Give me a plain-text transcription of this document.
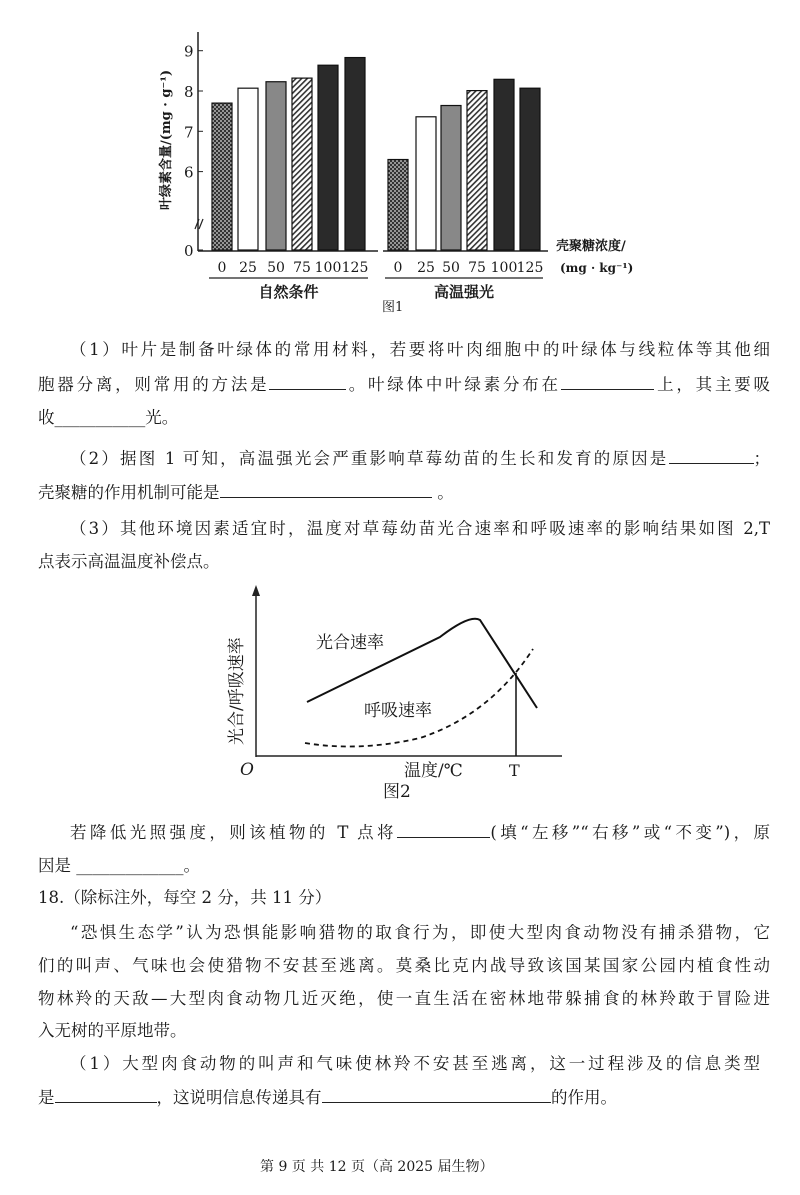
0
6
7
8
9
0 25 50 75 100 125
自然条件
0 25 50 75 100 125
高温强光
叶绿素含量/(mg · g⁻¹)
壳聚糖浓度/
(mg · kg⁻¹)
图1
光合速率
呼吸速率
光合/呼吸速率
O	温度/℃	T
图2
（1）叶片是制备叶绿体的常用材料，若要将叶肉细胞中的叶绿体与线粒体等其他细
胞器分离，则常用的方法是	。叶绿体中叶绿素分布在	上，其主要吸
收___________光。
（2）据图 1 可知，高温强光会严重影响草莓幼苗的生长和发育的原因是	；
壳聚糖的作用机制可能是	。
（3）其他环境因素适宜时，温度对草莓幼苗光合速率和呼吸速率的影响结果如图 2,T
点表示高温温度补偿点。
若降低光照强度，则该植物的 T 点将	(填“左移”“右移”或“不变”)，原
因是 _____________。
18.（除标注外，每空 2 分，共 11 分）
“恐惧生态学”认为恐惧能影响猎物的取食行为，即使大型肉食动物没有捕杀猎物，它
们的叫声、气味也会使猎物不安甚至逃离。莫桑比克内战导致该国某国家公园内植食性动
物林羚的天敌—大型肉食动物几近灭绝，使一直生活在密林地带躲捕食的林羚敢于冒险进
入无树的平原地带。
（1）大型肉食动物的叫声和气味使林羚不安甚至逃离，这一过程涉及的信息类型
是	，这说明信息传递具有	的作用。
第 9 页 共 12 页（高 2025 届生物）
